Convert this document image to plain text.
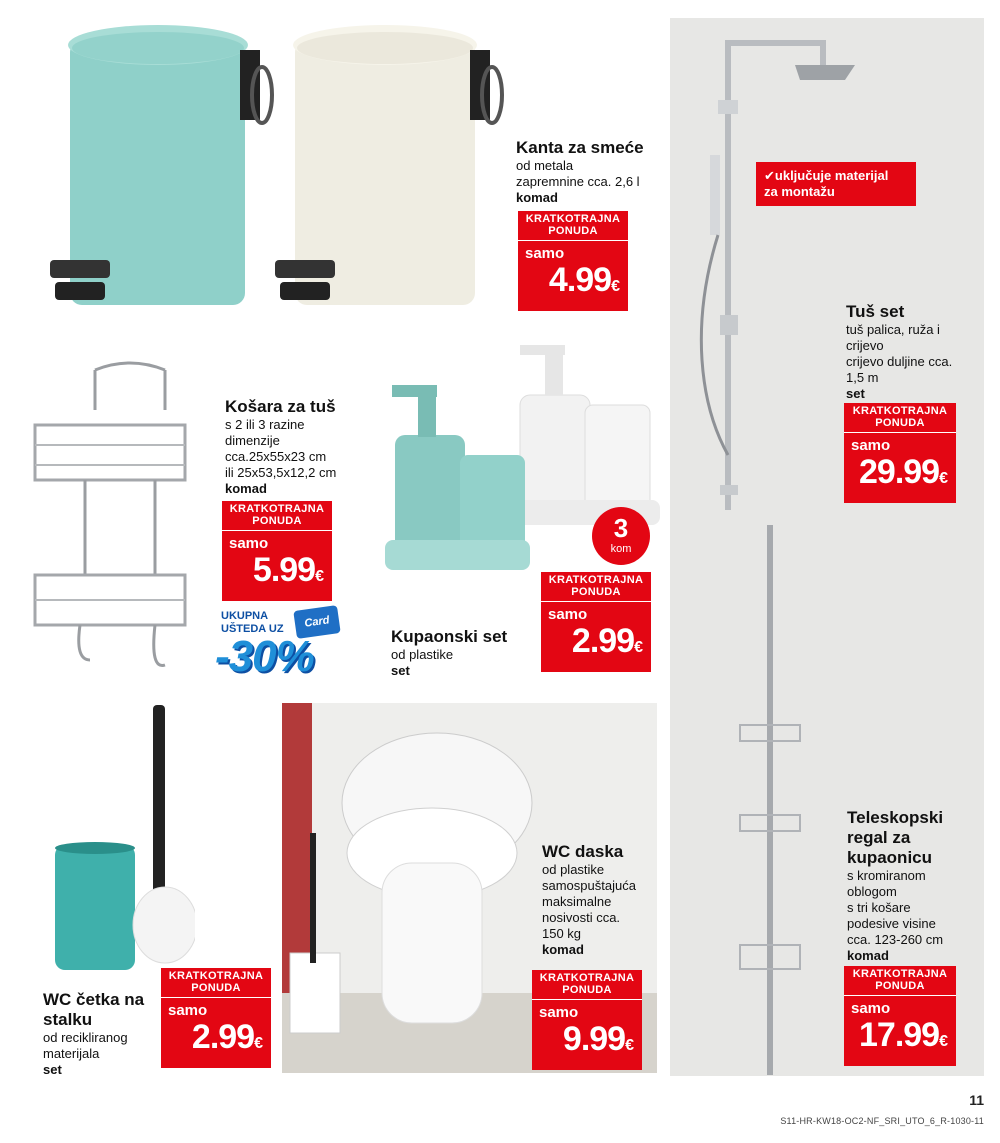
Kanta za smeće
od metala
zapremnine cca. 2,6 l
komad
KRATKOTRAJNA
PONUDA
samo
4.99€
✔uključuje materijal
za montažu
Tuš set
tuš palica, ruža i
crijevo
crijevo duljine cca.
1,5 m
set
KRATKOTRAJNA
PONUDA
samo
29.99€
Košara za tuš
s 2 ili 3 razine
dimenzije
cca.25x55x23 cm
ili 25x53,5x12,2 cm
komad
KRATKOTRAJNA
PONUDA
samo
5.99€
UKUPNA
UŠTEDA UZ	Card
-30%
3
kom
KRATKOTRAJNA
PONUDA
samo
2.99€
Kupaonski set
od plastike
set
Teleskopski
regal za
kupaonicu
s kromiranom
oblogom
s tri košare
podesive visine
cca. 123-260 cm
komad
KRATKOTRAJNA
PONUDA
samo
17.99€
WC četka na
stalku
od recikliranog
materijala
set
KRATKOTRAJNA
PONUDA
samo
2.99€
WC daska
od plastike
samospuštajuća
maksimalne
nosivosti cca.
150 kg
komad
KRATKOTRAJNA
PONUDA
samo
9.99€
11
S11-HR-KW18-OC2-NF_SRI_UTO_6_R-1030-11
